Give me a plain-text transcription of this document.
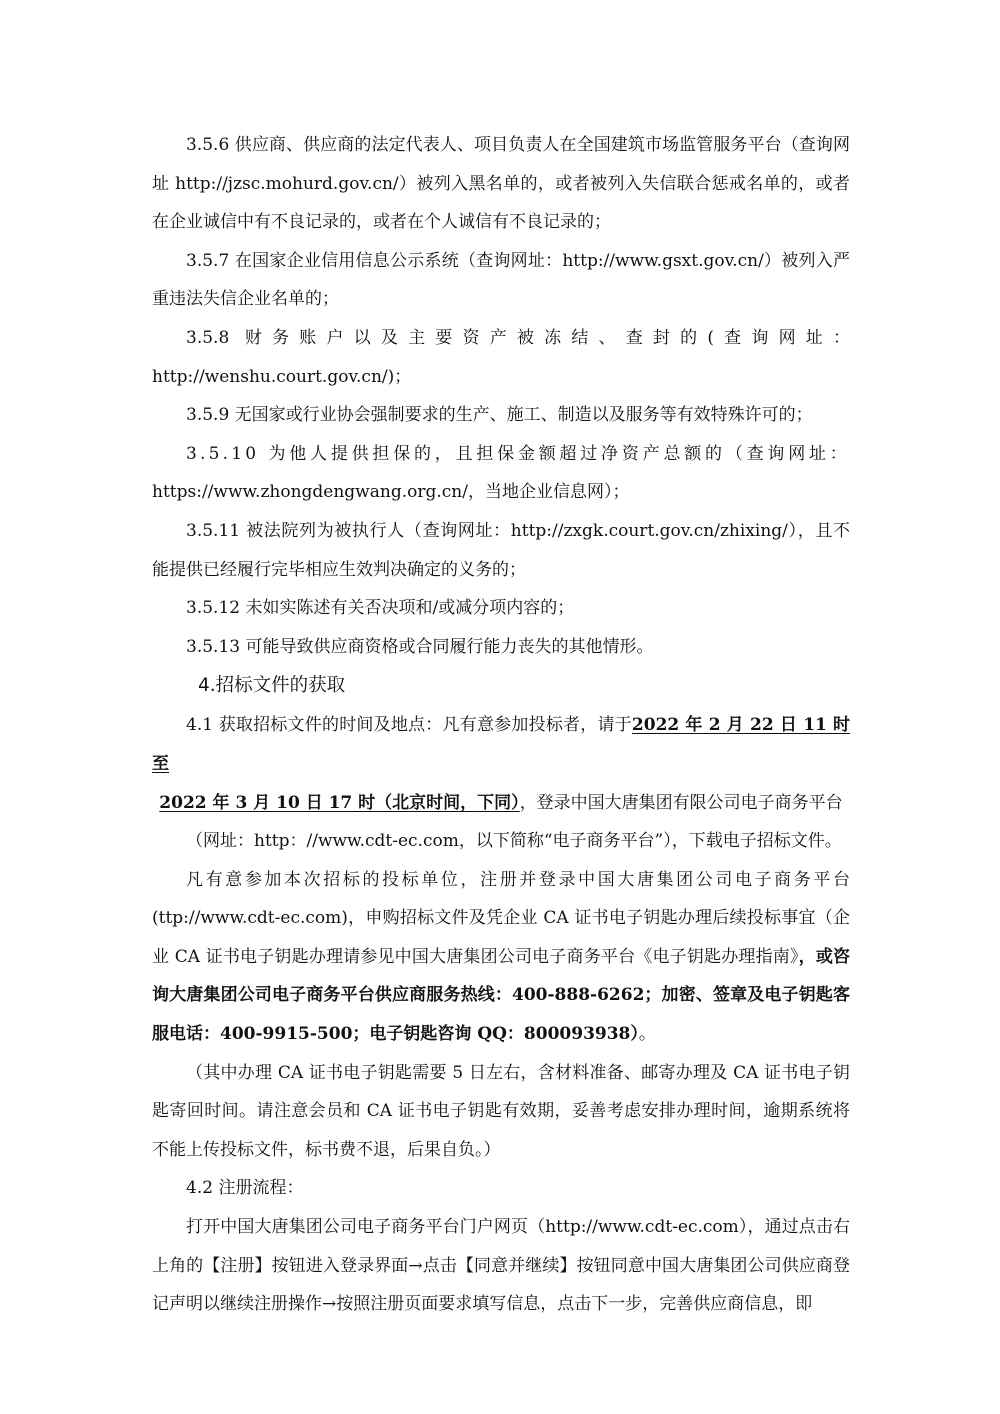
3.5.6 供应商、供应商的法定代表人、项目负责人在全国建筑市场监管服务平台（查询网址 http://jzsc.mohurd.gov.cn/）被列入黑名单的，或者被列入失信联合惩戒名单的，或者在企业诚信中有不良记录的，或者在个人诚信有不良记录的；

3.5.7 在国家企业信用信息公示系统（查询网址：http://www.gsxt.gov.cn/）被列入严重违法失信企业名单的；

3.5.8 财务账户以及主要资产被冻结、查封的(查询网址：http://wenshu.court.gov.cn/)；

3.5.9 无国家或行业协会强制要求的生产、施工、制造以及服务等有效特殊许可的；

3.5.10 为他人提供担保的，且担保金额超过净资产总额的（查询网址：

https://www.zhongdengwang.org.cn/，当地企业信息网）；

3.5.11 被法院列为被执行人（查询网址：http://zxgk.court.gov.cn/zhixing/），且不能提供已经履行完毕相应生效判决确定的义务的；

3.5.12 未如实陈述有关否决项和/或减分项内容的；

3.5.13 可能导致供应商资格或合同履行能力丧失的其他情形。

4.招标文件的获取

4.1 获取招标文件的时间及地点：凡有意参加投标者，请于2022 年 2 月 22 日 11 时至

2022 年 3 月 10 日 17 时（北京时间，下同），登录中国大唐集团有限公司电子商务平台

（网址：http：//www.cdt-ec.com，以下简称“电子商务平台”），下载电子招标文件。

凡有意参加本次招标的投标单位，注册并登录中国大唐集团公司电子商务平台(ttp://www.cdt-ec.com)，申购招标文件及凭企业 CA 证书电子钥匙办理后续投标事宜（企业 CA 证书电子钥匙办理请参见中国大唐集团公司电子商务平台《电子钥匙办理指南》，或咨询大唐集团公司电子商务平台供应商服务热线：400-888-6262；加密、签章及电子钥匙客服电话：400-9915-500；电子钥匙咨询 QQ：800093938）。

（其中办理 CA 证书电子钥匙需要 5 日左右，含材料准备、邮寄办理及 CA 证书电子钥匙寄回时间。请注意会员和 CA 证书电子钥匙有效期，妥善考虑安排办理时间，逾期系统将不能上传投标文件，标书费不退，后果自负。）

4.2 注册流程：

打开中国大唐集团公司电子商务平台门户网页（http://www.cdt-ec.com），通过点击右上角的【注册】按钮进入登录界面→点击【同意并继续】按钮同意中国大唐集团公司供应商登记声明以继续注册操作→按照注册页面要求填写信息，点击下一步，完善供应商信息，即
